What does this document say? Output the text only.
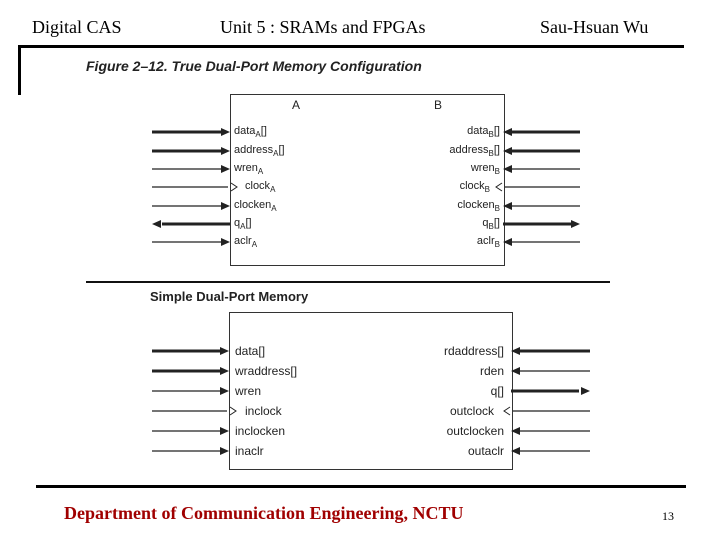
Digital CAS	Unit 5 : SRAMs and FPGAs	Sau-Hsuan Wu
Figure 2–12. True Dual-Port Memory Configuration
A	B
data$_A$[]
address$_A$[]
wren$_A$
clock$_A$
clocken$_A$
$q_A[]$
aclr$_A$
data$_B$[]
address$_B$[]
wren$_B$
clock$_B$
clocken$_B$
$q_B[]$
aclr$_B$
Simple Dual-Port Memory
data[]
wraddress[]
wren
inclock
inclocken
inaclr
rdaddress[]
rden
q[]
outclock
outclocken
outaclr
Department of Communication Engineering, NCTU	13
